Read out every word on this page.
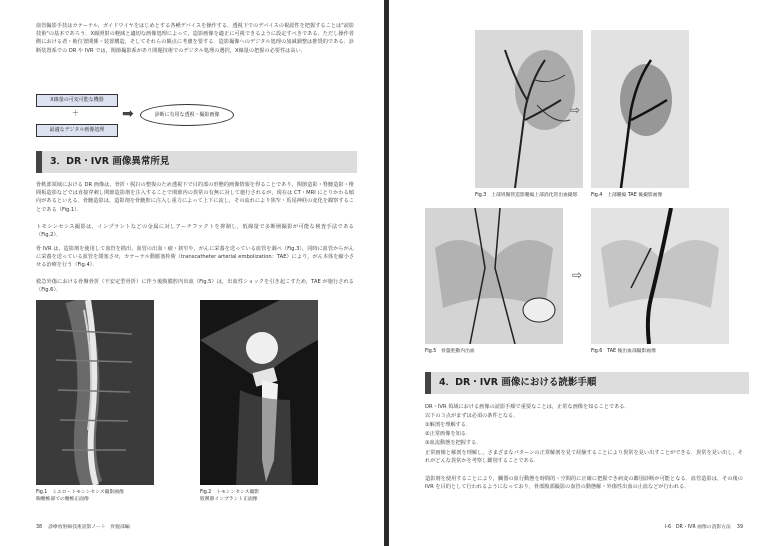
血管撮影手技はカテーテル，ガイドワイヤをはじめとする各種デバイスを操作する．透視下でのデバイスの視認性を把握することは"読影技術"の基本であろう．X線照射の軽減と適切な画像処理によって，造影画像を適正に可視できるように設定すべきである．ただし操作者側における者・術位置関係・装置構造，そしてそれらの観点に考慮を要する．造影撮像へのデジタル処理の加減調整は推奨的である．診断装置系での DR や IVR では，関節撮影系があり問題技術でのデジタル処理の選択，X線量の把握の必要性は高い．

X線量の可変可能な機器
＋
最適なデジタル画像処理
➡	診断に有用な透視・撮影画像
3．DR・IVR 画像異常所見

骨軟部領域における DR 画像は，骨折・脱臼の整復のため透視下で目的部の形態的画像情報を得ることであり，関節造影・脊髄造影・椎間板造影などでは直接穿刺し関節造影剤を注入することで関節内の異常の有無に対して施行されるが，現在は CT・MRI にとりかわる傾向があるといえる．骨髄造影は，造影剤を骨髄腔に注入し重力によって上下に流し，その流れにより狭窄・馬尾神経の変化を観察することである（Fig.1）．

トモシンセシス撮影は，インプラントなどの金属に対しアーチファクトを抑制し，低線量で多断層撮影が可能な検査手法である（Fig.2）．

骨 IVR は，造影剤を使用して血管を描出，血管の出血・瘤・狭窄や，がんに栄養を送っている血管を調べ（Fig.3），同時に血管からがんに栄養を送っている血管を閉塞させ，カテーテル動脈塞栓術（transcatheter arterial embolization：TAE）により，がん本体を縮小させる治療を行う（Fig.4）．

救急外傷における骨盤骨折（不安定型骨折）に伴う後腹膜腔内出血（Fig.5）は，出血性ショックを引き起こすため，TAE が施行される（Fig.6）．

Fig.1　ミエロ・トモシンセシス撮影画像
胸腰椎部での腰椎正面像

Fig.2　トモシンセシス撮影
股関節インプラント正面像

38 診療放射線技術読影ノート　骨腹部編
⇨

Fig.3　上部胃腸管造影腫瘍上部消化管出血撮影	Fig.4　上部腫瘍 TAE 後撮影画像

⇨

Fig.5　骨盤腔動内出血	Fig.6　TAE 後出血部撮影画像

4．DR・IVR 画像における読影手順

DR・IVR 領域における画像の読影手順で重要なことは，正常な画像を知ることである．

以下の３点がまずは必須の条件となる．

①解剖を理解する．

②正常画像を知る．

③血流動態を把握する．

正常画像と解剖を理解し，さまざまなパターンの正常解剖を見て経験することにより異常を見い出すことができる．異常を見い出し，それがどんな異常かを考察し鑑別することである．

造影剤を使用することにより，臓器の血行動態を時間的・空間的に正確に把握でき病変の鑑別診断が可能となる．血管造影は，その後の IVR を目的として行われるようになっており，骨部腹部撮影の血管の動態解・外傷性出血の止血などが行われる．

I-6　DR・IVR 画像の読影方法 39
